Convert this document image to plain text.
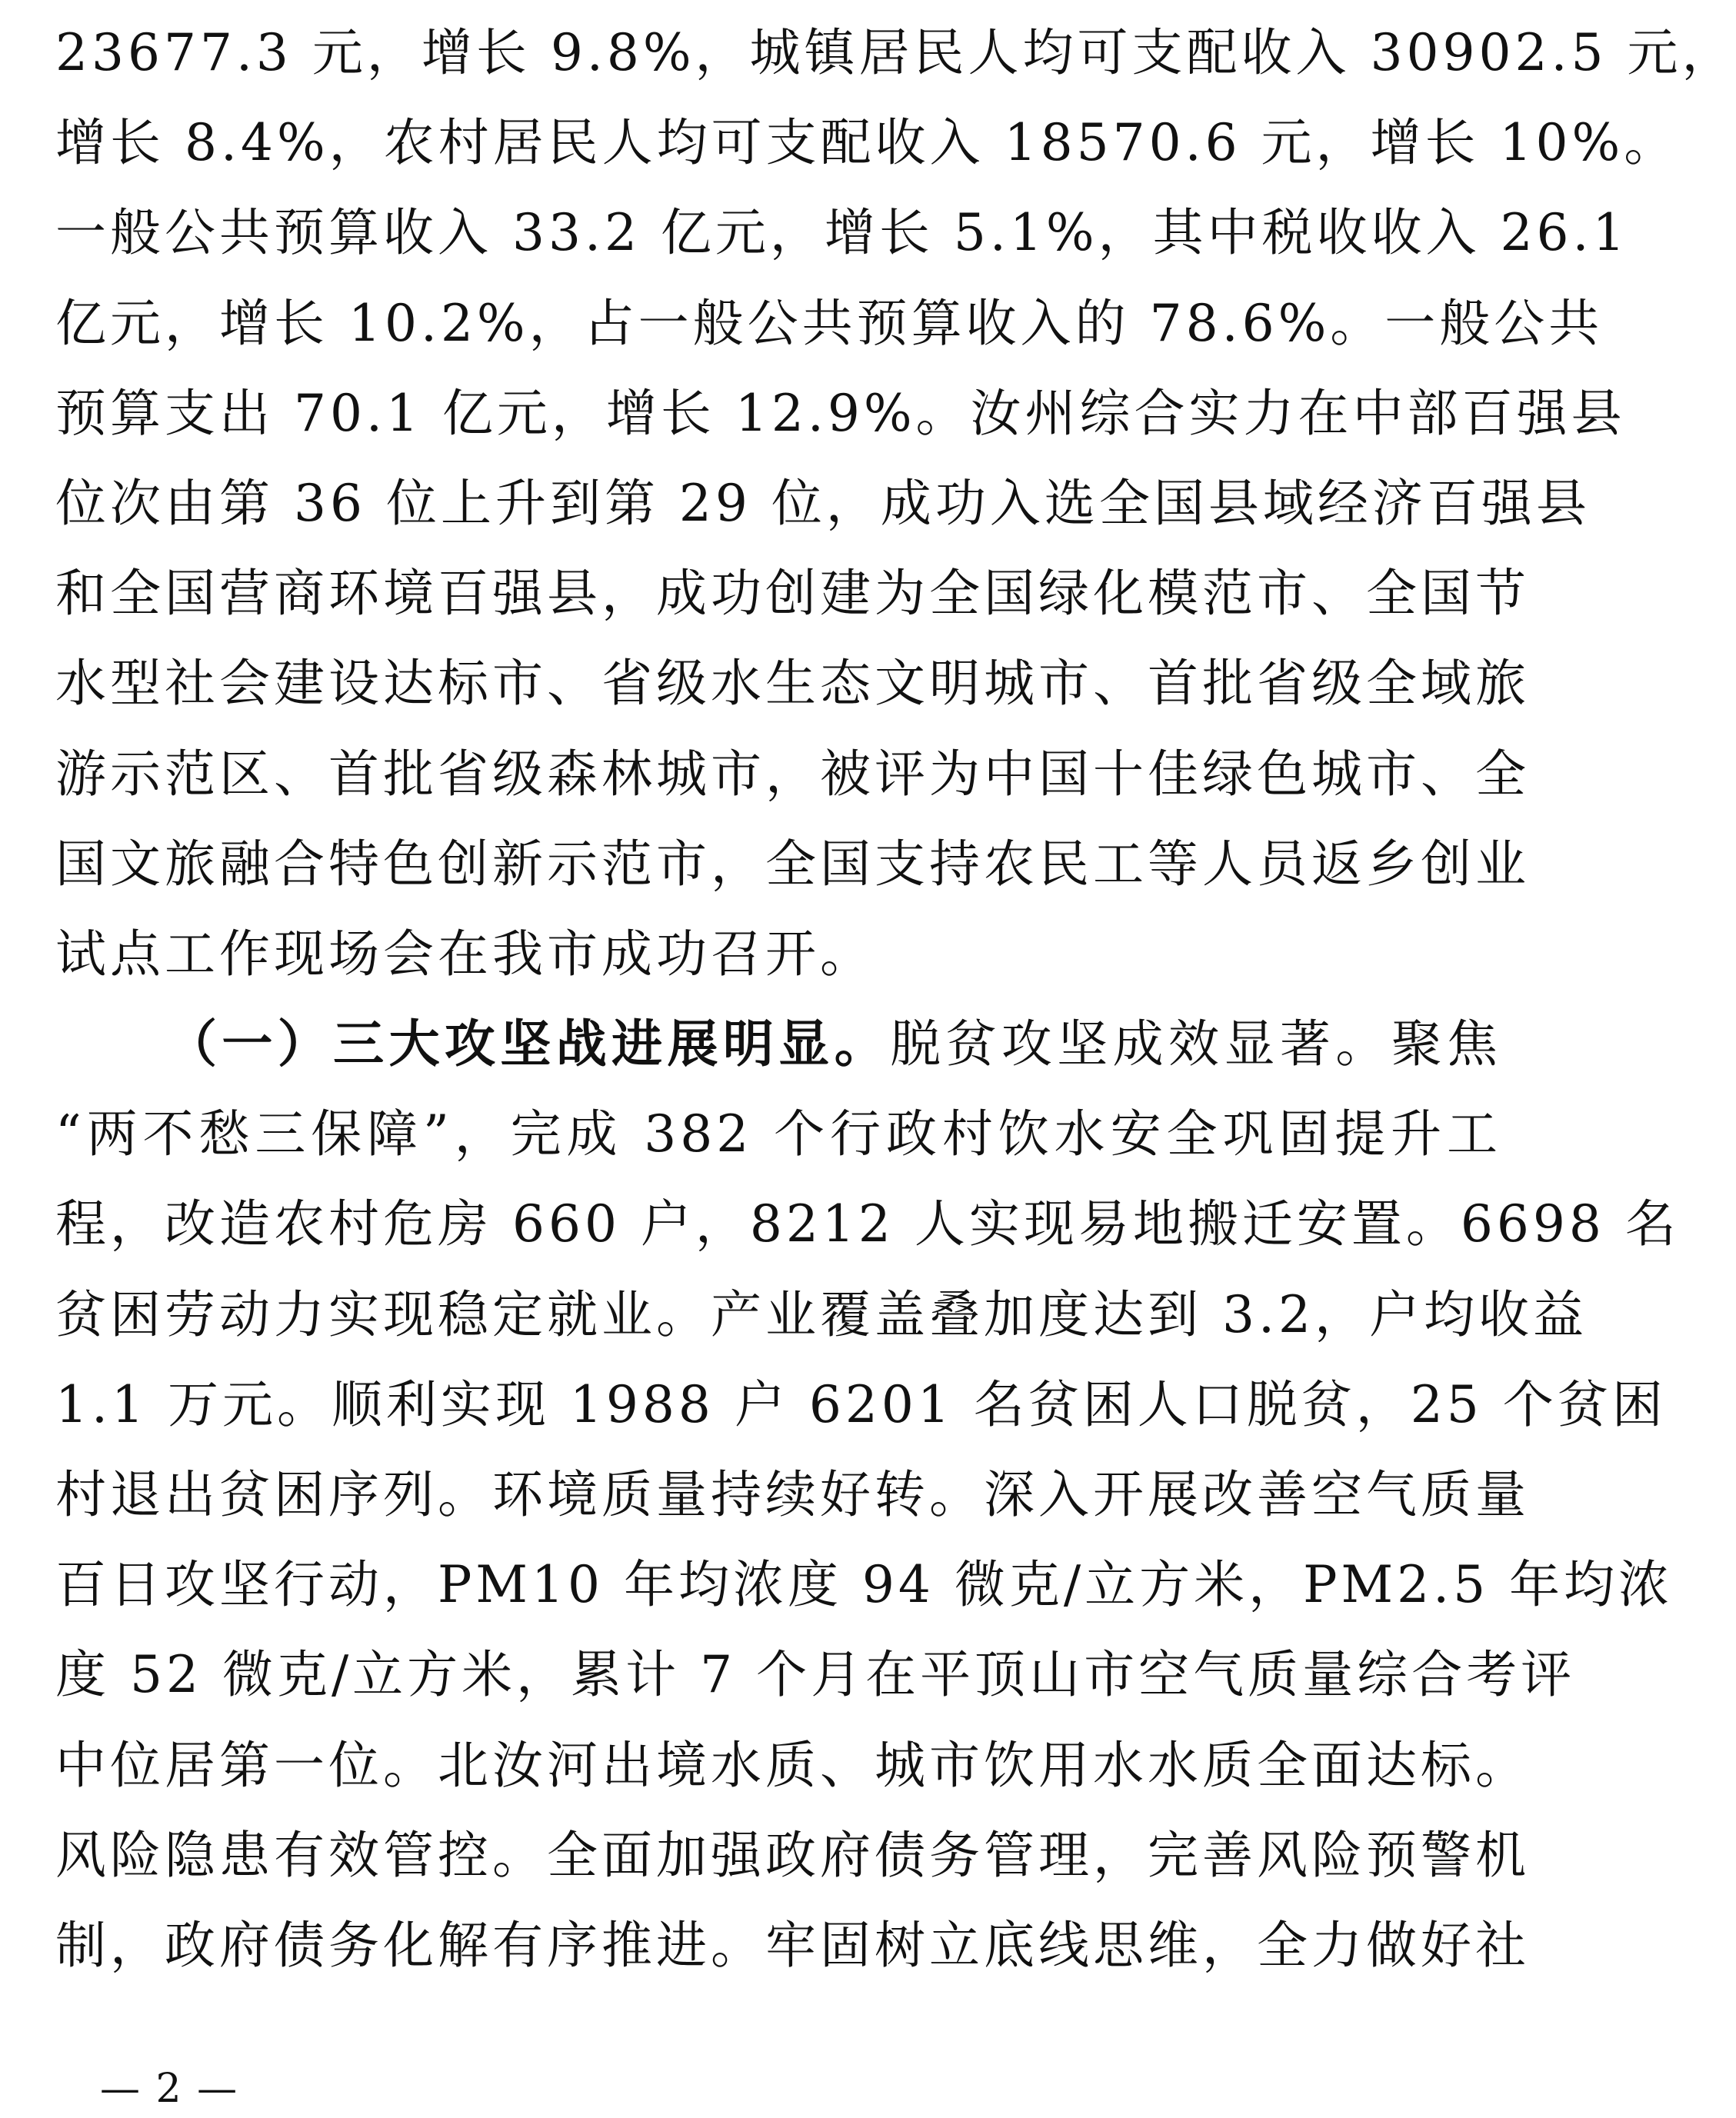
23677.3 元，增长 9.8%，城镇居民人均可支配收入 30902.5 元，
增长 8.4%，农村居民人均可支配收入 18570.6 元，增长 10%。
一般公共预算收入 33.2 亿元，增长 5.1%，其中税收收入 26.1
亿元，增长 10.2%，占一般公共预算收入的 78.6%。一般公共
预算支出 70.1 亿元，增长 12.9%。汝州综合实力在中部百强县
位次由第 36 位上升到第 29 位，成功入选全国县域经济百强县
和全国营商环境百强县，成功创建为全国绿化模范市、全国节
水型社会建设达标市、省级水生态文明城市、首批省级全域旅
游示范区、首批省级森林城市，被评为中国十佳绿色城市、全
国文旅融合特色创新示范市，全国支持农民工等人员返乡创业
试点工作现场会在我市成功召开。

（一）三大攻坚战进展明显。脱贫攻坚成效显著。聚焦
“两不愁三保障”，完成 382 个行政村饮水安全巩固提升工
程，改造农村危房 660 户，8212 人实现易地搬迁安置。6698 名
贫困劳动力实现稳定就业。产业覆盖叠加度达到 3.2，户均收益
1.1 万元。顺利实现 1988 户 6201 名贫困人口脱贫，25 个贫困
村退出贫困序列。环境质量持续好转。深入开展改善空气质量
百日攻坚行动，PM10 年均浓度 94 微克/立方米，PM2.5 年均浓
度 52 微克/立方米，累计 7 个月在平顶山市空气质量综合考评
中位居第一位。北汝河出境水质、城市饮用水水质全面达标。
风险隐患有效管控。全面加强政府债务管理，完善风险预警机
制，政府债务化解有序推进。牢固树立底线思维，全力做好社

— 2 —
